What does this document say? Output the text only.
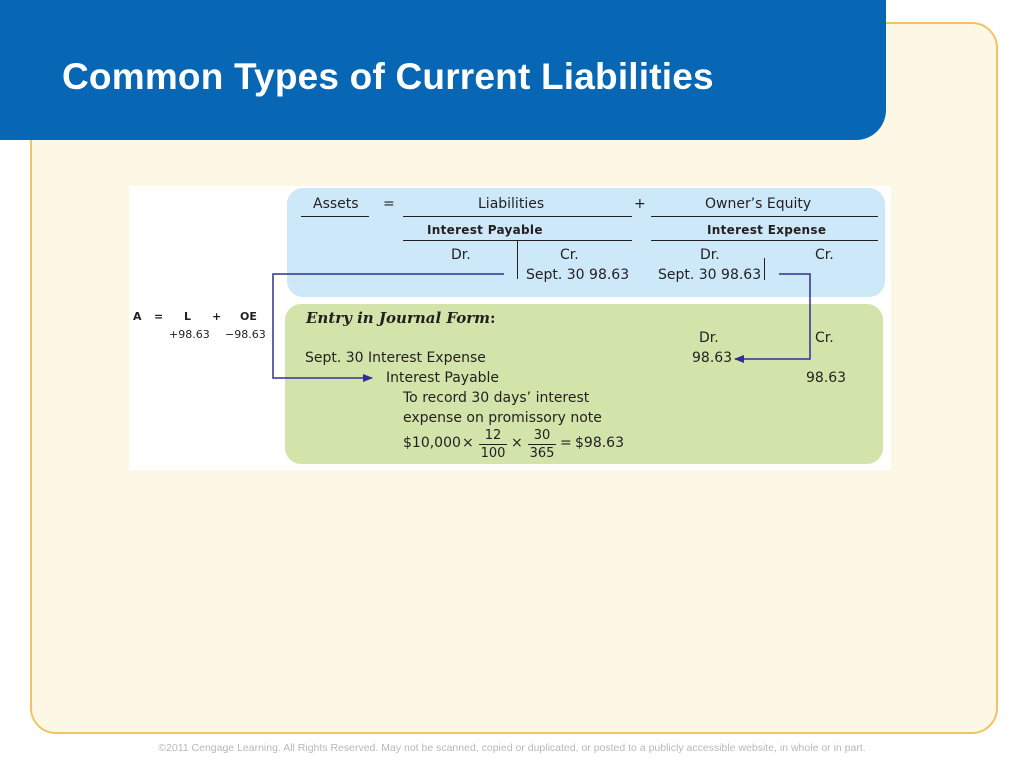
Common Types of Current Liabilities
Assets =	Liabilities	+	Owner’s Equity
Interest Payable
Dr.	Cr.
Sept. 30 98.63
Interest Expense
Dr.	Cr.
Sept. 30 98.63
A = L + OE
+98.63 −98.63
Entry in Journal Form:
Dr.	Cr.
Sept. 30 Interest Expense	98.63
Interest Payable	98.63
To record 30 days’ interest
expense on promissory note
$10,000 × $\frac{12}{100} \times \frac{30}{365}$ = $98.63
©2011 Cengage Learning. All Rights Reserved. May not be scanned, copied or duplicated, or posted to a publicly accessible website, in whole or in part.
